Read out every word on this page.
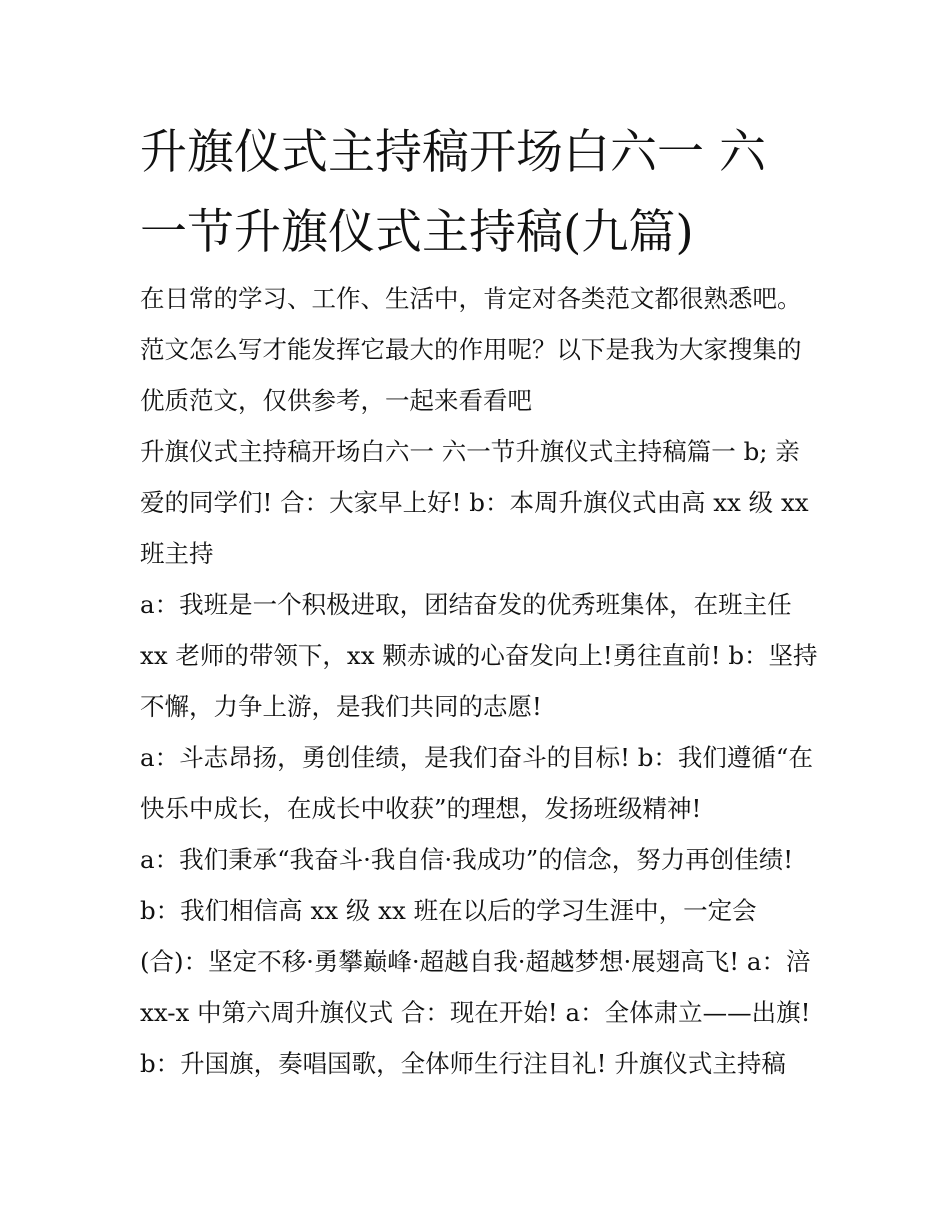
升旗仪式主持稿开场白六一 六
一节升旗仪式主持稿(九篇)
在日常的学习、工作、生活中，肯定对各类范文都很熟悉吧。
范文怎么写才能发挥它最大的作用呢？以下是我为大家搜集的
优质范文，仅供参考，一起来看看吧
升旗仪式主持稿开场白六一 六一节升旗仪式主持稿篇一 b; 亲
爱的同学们! 合：大家早上好! b：本周升旗仪式由高 xx 级 xx
班主持
a：我班是一个积极进取，团结奋发的优秀班集体，在班主任
xx 老师的带领下，xx 颗赤诚的心奋发向上!勇往直前! b：坚持
不懈，力争上游，是我们共同的志愿!
a：斗志昂扬，勇创佳绩，是我们奋斗的目标! b：我们遵循“在
快乐中成长，在成长中收获”的理想，发扬班级精神!
a：我们秉承“我奋斗·我自信·我成功”的信念，努力再创佳绩!
b：我们相信高 xx 级 xx 班在以后的学习生涯中，一定会
(合)：坚定不移·勇攀巅峰·超越自我·超越梦想·展翅高飞! a：涪
xx-x 中第六周升旗仪式 合：现在开始! a：全体肃立——出旗!
b：升国旗，奏唱国歌，全体师生行注目礼! 升旗仪式主持稿
